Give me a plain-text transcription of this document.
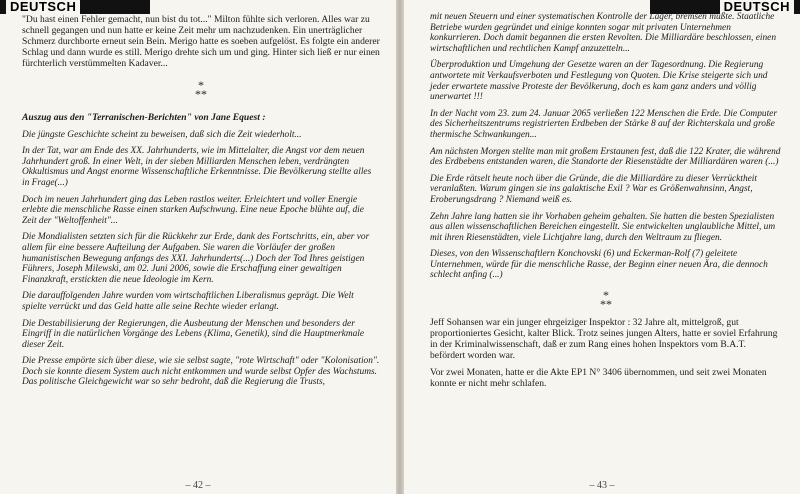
DEUTSCH

"Du hast einen Fehler gemacht, nun bist du tot..." Milton fühlte sich verloren. Alles war zu schnell gegangen und nun hatte er keine Zeit mehr um nachzudenken. Ein unerträglicher Schmerz durchborte erneut sein Bein. Merigo hatte es soeben aufgelöst. Es folgte ein anderer Schlag und dann wurde es still. Merigo drehte sich um und ging. Hinter sich ließ er nur einen fürchterlich verstümmelten Kadaver...

*
**

Auszug aus den "Terranischen-Berichten" von Jane Equest :

Die jüngste Geschichte scheint zu beweisen, daß sich die Zeit wiederholt...

In der Tat, war am Ende des XX. Jahrhunderts, wie im Mittelalter, die Angst vor dem neuen Jahrhundert groß. In einer Welt, in der sieben Milliarden Menschen leben, verdrängten Okkultismus und Angst enorme Wissenschaftliche Erkenntnisse. Die Bevölkerung stellte alles in Frage(...)

Doch im neuen Jahrhundert ging das Leben rastlos weiter. Erleichtert und voller Energie erlebte die menschliche Rasse einen starken Aufschwung. Eine neue Epoche blühte auf, die Zeit der "Weltoffenheit"...

Die Mondialisten setzten sich für die Rückkehr zur Erde, dank des Fortschritts, ein, aber vor allem für eine bessere Aufteilung der Aufgaben. Sie waren die Vorläufer der großen humanistischen Bewegung anfangs des XXI. Jahrhunderts(...) Doch der Tod Ihres geistigen Führers, Joseph Milewski, am 02. Juni 2006, sowie die Erschaffung einer gewaltigen Finanzkraft, erstickten die neue Ideologie im Kern.

Die darauffolgenden Jahre wurden vom wirtschaftlichen Liberalismus geprägt. Die Welt spielte verrückt und das Geld hatte alle seine Rechte wieder erlangt.

Die Destabilisierung der Regierungen, die Ausbeutung der Menschen und besonders der Eingriff in die natürlichen Vorgänge des Lebens (Klima, Genetik), sind die Hauptmerkmale dieser Zeit.

Die Presse empörte sich über diese, wie sie selbst sagte, "rote Wirtschaft" oder "Kolonisation". Doch sie konnte diesem System auch nicht entkommen und wurde selbst Opfer des Wachstums. Das politische Gleichgewicht war so sehr bedroht, daß die Regierung die Trusts,

– 42 –
DEUTSCH

mit neuen Steuern und einer systematischen Kontrolle der Lager, bremsen mußte. Staatliche Betriebe wurden gegründet und einige konnten sogar mit privaten Unternehmen konkurrieren. Doch damit begannen die ersten Revolten. Die Milliardäre beschlossen, einen wirtschaftlichen und rechtlichen Kampf anzuzetteln...

Überproduktion und Umgehung der Gesetze waren an der Tagesordnung. Die Regierung antwortete mit Verkaufsverboten und Festlegung von Quoten. Die Krise steigerte sich und jeder erwartete massive Proteste der Bevölkerung, doch es kam ganz anders und völlig unerwartet !!!

In der Nacht vom 23. zum 24. Januar 2065 verließen 122 Menschen die Erde. Die Computer des Sicherheitszentrums registrierten Erdbeben der Stärke 8 auf der Richterskala und große thermische Schwankungen...

Am nächsten Morgen stellte man mit großem Erstaunen fest, daß die 122 Krater, die während des Erdbebens entstanden waren, die Standorte der Riesenstädte der Milliardären waren (...)

Die Erde rätselt heute noch über die Gründe, die die Milliardäre zu dieser Verrücktheit veranlaßten. Warum gingen sie ins galaktische Exil ? War es Größenwahnsinn, Angst, Eroberungsdrang ? Niemand weiß es.

Zehn Jahre lang hatten sie ihr Vorhaben geheim gehalten. Sie hatten die besten Spezialisten aus allen wissenschaftlichen Bereichen eingestellt. Sie entwickelten unglaubliche Mittel, um mit ihren Riesenstädten, viele Lichtjahre lang, durch den Weltraum zu fliegen.

Dieses, von den Wissenschaftlern Konchovski (6) und Eckerman-Rolf (7) geleitete Unternehmen, würde für die menschliche Rasse, der Beginn einer neuen Ära, die dennoch schlecht anfing (...)

*
**

Jeff Sohansen war ein junger ehrgeiziger Inspektor : 32 Jahre alt, mittelgroß, gut proportioniertes Gesicht, kalter Blick. Trotz seines jungen Alters, hatte er soviel Erfahrung in der Kriminalwissenschaft, daß er zum Rang eines hohen Inspektors vom B.A.T. befördert worden war.

Vor zwei Monaten, hatte er die Akte EP1 N° 3406 übernommen, und seit zwei Monaten konnte er nicht mehr schlafen.

– 43 –
